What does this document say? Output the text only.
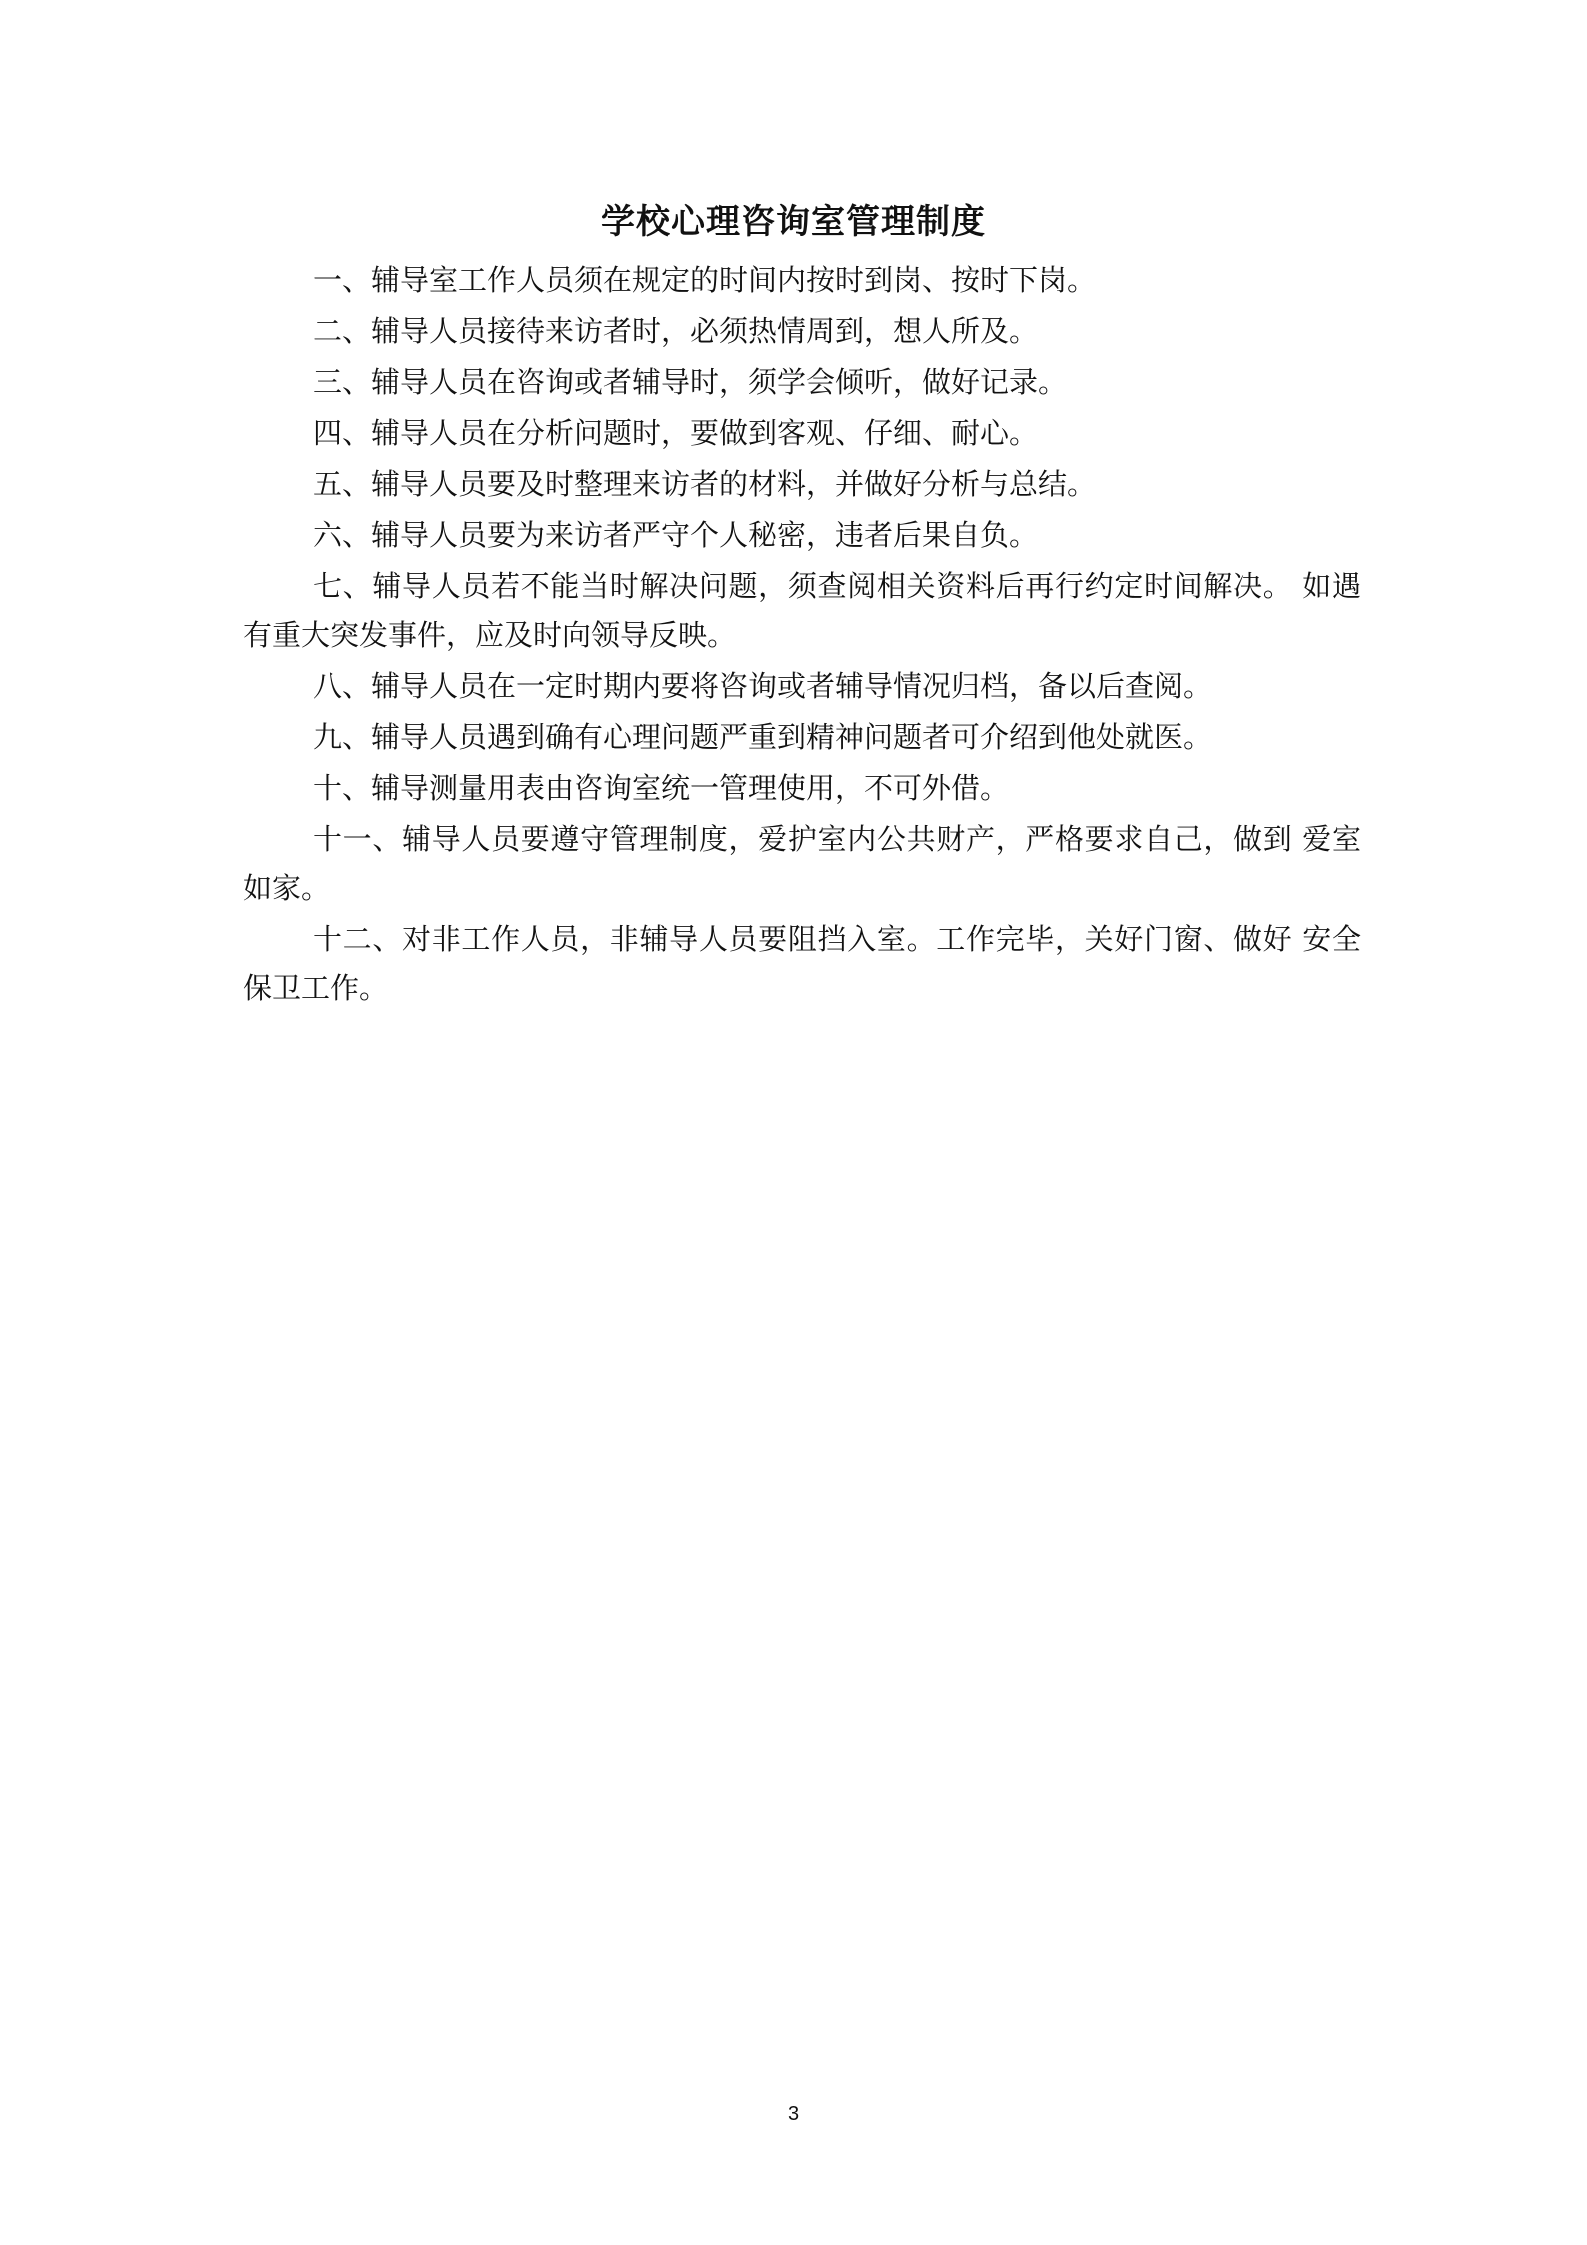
学校心理咨询室管理制度

一、辅导室工作人员须在规定的时间内按时到岗、按时下岗。

二、辅导人员接待来访者时，必须热情周到，想人所及。

三、辅导人员在咨询或者辅导时，须学会倾听，做好记录。

四、辅导人员在分析问题时，要做到客观、仔细、耐心。

五、辅导人员要及时整理来访者的材料，并做好分析与总结。

六、辅导人员要为来访者严守个人秘密，违者后果自负。

七、辅导人员若不能当时解决问题，须查阅相关资料后再行约定时间解决。 如遇有重大突发事件，应及时向领导反映。

八、辅导人员在一定时期内要将咨询或者辅导情况归档，备以后查阅。

九、辅导人员遇到确有心理问题严重到精神问题者可介绍到他处就医。

十、辅导测量用表由咨询室统一管理使用，不可外借。

十一、辅导人员要遵守管理制度，爱护室内公共财产，严格要求自己，做到 爱室如家。

十二、对非工作人员，非辅导人员要阻挡入室。工作完毕，关好门窗、做好 安全保卫工作。

3
